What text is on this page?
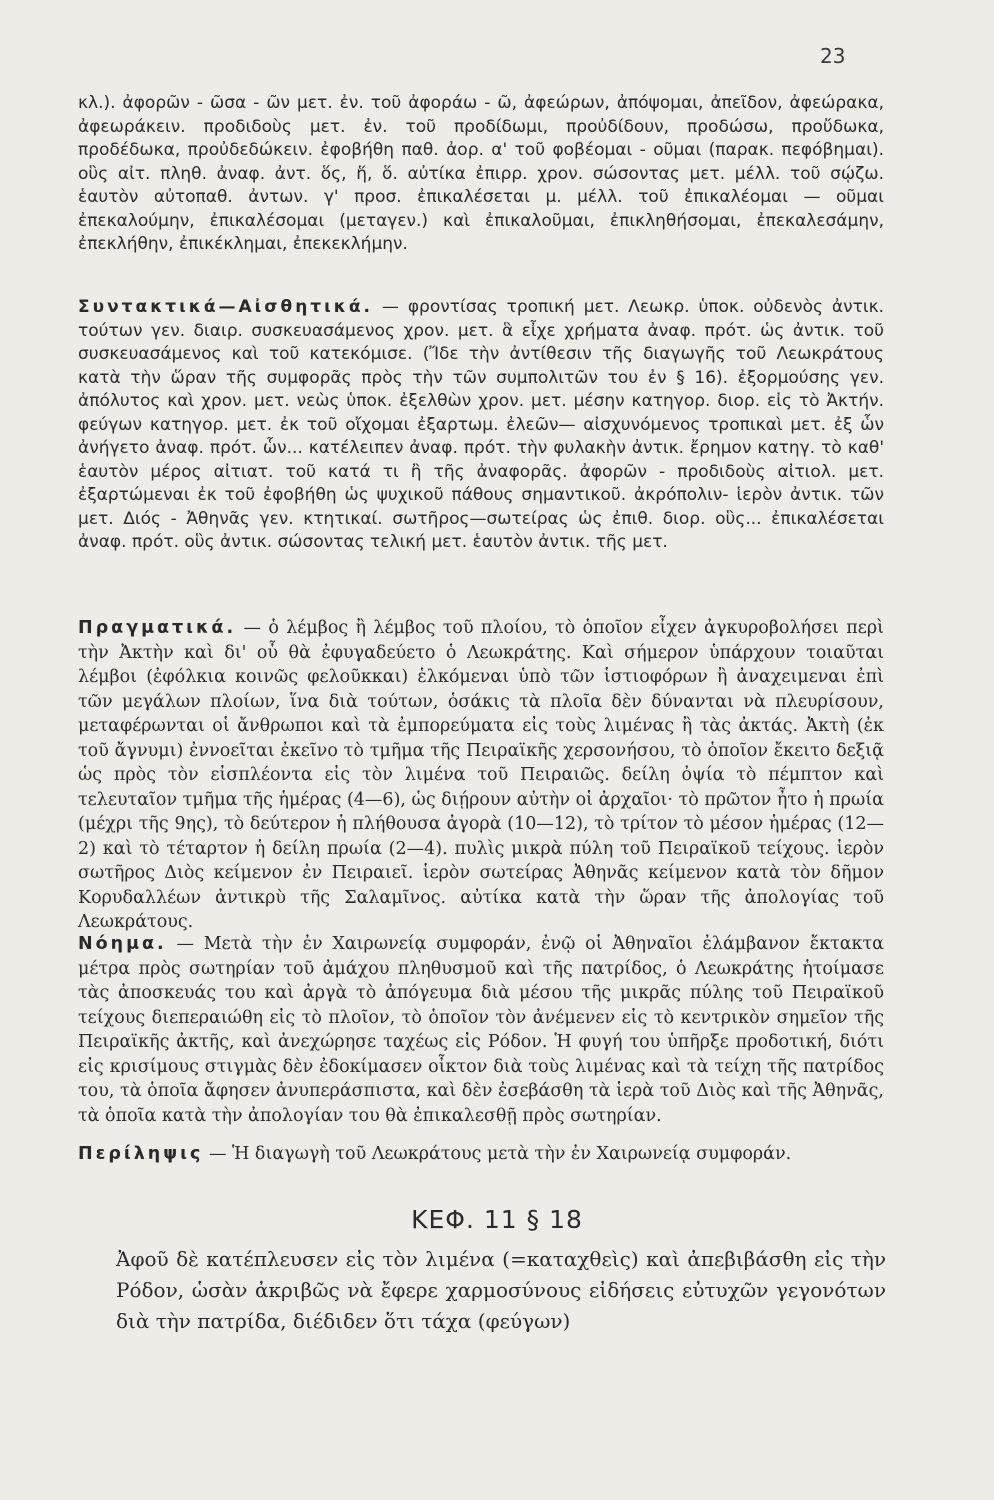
23

κλ.). ἀφορῶν - ῶσα - ῶν μετ. ἐν. τοῦ ἀφοράω - ῶ, ἀφεώρων, ἀπόψομαι, ἀπεῖδον, ἀφεώρακα, ἀφεωράκειν. προδιδοὺς μετ. ἐν. τοῦ προδίδωμι, προὐδίδουν, προδώσω, προὔδωκα, προδέδωκα, προὐδεδώκειν. ἐφοβήθη παθ. ἀορ. α' τοῦ φοβέομαι - οῦμαι (παρακ. πεφόβημαι). οὓς αἰτ. πληθ. ἀναφ. ἀντ. ὅς, ἥ, ὅ. αὐτίκα ἐπιρρ. χρον. σώσοντας μετ. μέλλ. τοῦ σῴζω. ἑαυτὸν αὐτοπαθ. ἀντων. γ' προσ. ἐπικαλέσεται μ. μέλλ. τοῦ ἐπικαλέομαι — οῦμαι ἐπεκαλούμην, ἐπικαλέσομαι (μεταγεν.) καὶ ἐπικαλοῦμαι, ἐπικληθήσομαι, ἐπεκαλεσάμην, ἐπεκλήθην, ἐπικέκλημαι, ἐπεκεκλήμην.

Συντακτικά—Αἰσθητικά. — φροντίσας τροπική μετ. Λεωκρ. ὑποκ. οὐδενὸς ἀντικ. τούτων γεν. διαιρ. συσκευασάμενος χρον. μετ. ἃ εἶχε χρήματα ἀναφ. πρότ. ὡς ἀντικ. τοῦ συσκευασάμενος καὶ τοῦ κατεκόμισε. (Ἴδε τὴν ἀντίθεσιν τῆς διαγωγῆς τοῦ Λεωκράτους κατὰ τὴν ὥραν τῆς συμφορᾶς πρὸς τὴν τῶν συμπολιτῶν του ἐν § 16). ἐξορμούσης γεν. ἀπόλυτος καὶ χρον. μετ. νεὼς ὑποκ. ἐξελθὼν χρον. μετ. μέσην κατηγορ. διορ. εἰς τὸ Ἀκτήν. φεύγων κατηγορ. μετ. ἐκ τοῦ οἴχομαι ἐξαρτωμ. ἐλεῶν— αἰσχυνόμενος τροπικαὶ μετ. ἐξ ὧν ἀνήγετο ἀναφ. πρότ. ὧν... κατέλειπεν ἀναφ. πρότ. τὴν φυλακὴν ἀντικ. ἔρημον κατηγ. τὸ καθ' ἑαυτὸν μέρος αἰτιατ. τοῦ κατά τι ἢ τῆς ἀναφορᾶς. ἀφορῶν - προδιδοὺς αἰτιολ. μετ. ἐξαρτώμεναι ἐκ τοῦ ἐφοβήθη ὡς ψυχικοῦ πάθους σημαντικοῦ. ἀκρόπολιν- ἱερὸν ἀντικ. τῶν μετ. Διός - Ἀθηνᾶς γεν. κτητικαί. σωτῆρος—σωτείρας ὡς ἐπιθ. διορ. οὓς... ἐπικαλέσεται ἀναφ. πρότ. οὓς ἀντικ. σώσοντας τελική μετ. ἑαυτὸν ἀντικ. τῆς μετ.

Πραγματικά. — ὁ λέμβος ἢ λέμβος τοῦ πλοίου, τὸ ὁποῖον εἶχεν ἀγκυροβολήσει περὶ τὴν Ἀκτὴν καὶ δι' οὗ θὰ ἐφυγαδεύετο ὁ Λεωκράτης. Καὶ σήμερον ὑπάρχουν τοιαῦται λέμβοι (ἐφόλκια κοινῶς φελοῦκκαι) ἑλκόμεναι ὑπὸ τῶν ἱστιοφόρων ἢ ἀναχειμεναι ἐπὶ τῶν μεγάλων πλοίων, ἵνα διὰ τούτων, ὁσάκις τὰ πλοῖα δὲν δύνανται νὰ πλευρίσουν, μεταφέρωνται οἱ ἄνθρωποι καὶ τὰ ἐμπορεύματα εἰς τοὺς λιμένας ἢ τὰς ἀκτάς. Ἀκτὴ (ἐκ τοῦ ἄγνυμι) ἐννοεῖται ἐκεῖνο τὸ τμῆμα τῆς Πειραϊκῆς χερσονήσου, τὸ ὁποῖον ἔκειτο δεξιᾷ ὡς πρὸς τὸν εἰσπλέοντα εἰς τὸν λιμένα τοῦ Πειραιῶς. δείλη ὀψία τὸ πέμπτον καὶ τελευταῖον τμῆμα τῆς ἡμέρας (4—6), ὡς διῄρουν αὐτὴν οἱ ἀρχαῖοι· τὸ πρῶτον ἦτο ἡ πρωία (μέχρι τῆς 9ης), τὸ δεύτερον ἡ πλήθουσα ἀγορὰ (10—12), τὸ τρίτον τὸ μέσον ἡμέρας (12—2) καὶ τὸ τέταρτον ἡ δείλη πρωία (2—4). πυλὶς μικρὰ πύλη τοῦ Πειραϊκοῦ τείχους. ἱερὸν σωτῆρος Διὸς κείμενον ἐν Πειραιεῖ. ἱερὸν σωτείρας Ἀθηνᾶς κείμενον κατὰ τὸν δῆμον Κορυδαλλέων ἀντικρὺ τῆς Σαλαμῖνος. αὐτίκα κατὰ τὴν ὥραν τῆς ἀπολογίας τοῦ Λεωκράτους.

Νόημα. — Μετὰ τὴν ἐν Χαιρωνείᾳ συμφοράν, ἐνῷ οἱ Ἀθηναῖοι ἐλάμβανον ἔκτακτα μέτρα πρὸς σωτηρίαν τοῦ ἀμάχου πληθυσμοῦ καὶ τῆς πατρίδος, ὁ Λεωκράτης ἡτοίμασε τὰς ἀποσκευάς του καὶ ἀργὰ τὸ ἀπόγευμα διὰ μέσου τῆς μικρᾶς πύλης τοῦ Πειραϊκοῦ τείχους διεπεραιώθη εἰς τὸ πλοῖον, τὸ ὁποῖον τὸν ἀνέμενεν εἰς τὸ κεντρικὸν σημεῖον τῆς Πειραϊκῆς ἀκτῆς, καὶ ἀνεχώρησε ταχέως εἰς Ρόδον. Ἡ φυγή του ὑπῆρξε προδοτική, διότι εἰς κρισίμους στιγμὰς δὲν ἐδοκίμασεν οἶκτον διὰ τοὺς λιμένας καὶ τὰ τείχη τῆς πατρίδος του, τὰ ὁποῖα ἄφησεν ἀνυπεράσπιστα, καὶ δὲν ἐσεβάσθη τὰ ἱερὰ τοῦ Διὸς καὶ τῆς Ἀθηνᾶς, τὰ ὁποῖα κατὰ τὴν ἀπολογίαν του θὰ ἐπικαλεσθῇ πρὸς σωτηρίαν.

Περίληψις — Ἡ διαγωγὴ τοῦ Λεωκράτους μετὰ τὴν ἐν Χαιρωνείᾳ συμφοράν.

ΚΕΦ. 11 § 18

Ἀφοῦ δὲ κατέπλευσεν εἰς τὸν λιμένα (=καταχθεὶς) καὶ ἀπεβιβάσθη εἰς τὴν Ρόδον, ὡσὰν ἀκριβῶς νὰ ἔφερε χαρμοσύνους εἰδήσεις εὐτυχῶν γεγονότων διὰ τὴν πατρίδα, διέδιδεν ὅτι τάχα (φεύγων)
